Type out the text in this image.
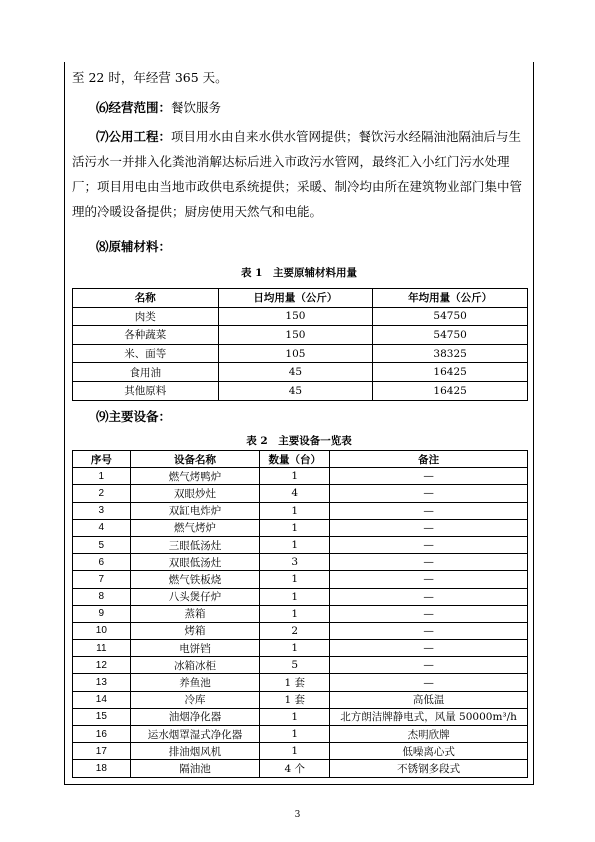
至 22 时，年经营 365 天。
⑹经营范围：餐饮服务
⑺公用工程：项目用水由自来水供水管网提供；餐饮污水经隔油池隔油后与生活污水一并排入化粪池消解达标后进入市政污水管网，最终汇入小红门污水处理厂；项目用电由当地市政供电系统提供；采暖、制冷均由所在建筑物业部门集中管理的冷暖设备提供；厨房使用天然气和电能。
⑻原辅材料：
表 1　主要原辅材料用量
名称	日均用量（公斤）	年均用量（公斤）
肉类	150	54750
各种蔬菜	150	54750
米、面等	105	38325
食用油	45	16425
其他原料	45	16425
⑼主要设备：
表 2　主要设备一览表
序号	设备名称	数量（台）	备注
1	燃气烤鸭炉	1	—
2	双眼炒灶	4	—
3	双缸电炸炉	1	—
4	燃气烤炉	1	—
5	三眼低汤灶	1	—
6	双眼低汤灶	3	—
7	燃气铁板烧	1	—
8	八头煲仔炉	1	—
9	蒸箱	1	—
10	烤箱	2	—
11	电饼铛	1	—
12	冰箱冰柜	5	—
13	养鱼池	1 套	—
14	冷库	1 套	高低温
15	油烟净化器	1	北方朗洁牌静电式，风量 50000m³/h
16	运水烟罩湿式净化器	1	杰明欣牌
17	排油烟风机	1	低噪离心式
18	隔油池	4 个	不锈钢多段式
3
